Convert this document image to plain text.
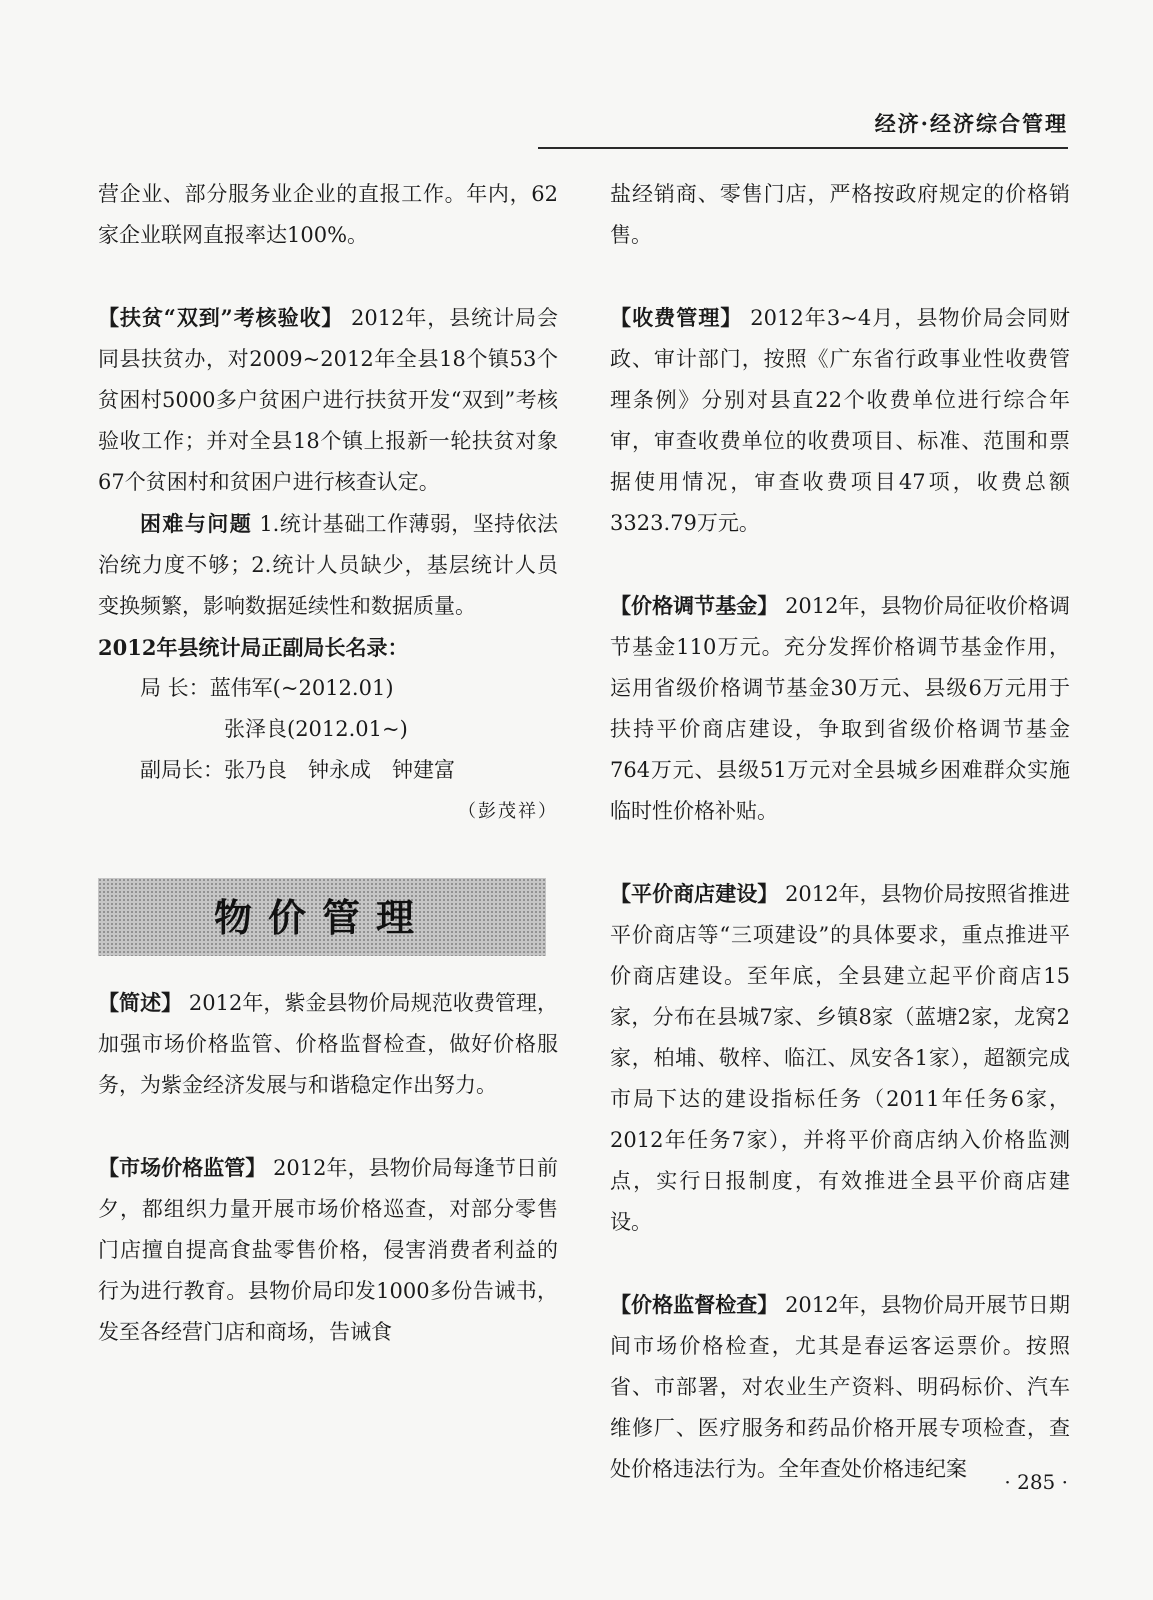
经济·经济综合管理

营企业、部分服务业企业的直报工作。年内，62家企业联网直报率达100%。

【扶贫“双到”考核验收】 2012年，县统计局会同县扶贫办，对2009~2012年全县18个镇53个贫困村5000多户贫困户进行扶贫开发“双到”考核验收工作；并对全县18个镇上报新一轮扶贫对象67个贫困村和贫困户进行核查认定。

困难与问题 1.统计基础工作薄弱，坚持依法治统力度不够；2.统计人员缺少，基层统计人员变换频繁，影响数据延续性和数据质量。

2012年县统计局正副局长名录：

局 长：蓝伟军(~2012.01)
张泽良(2012.01~)
副局长：张乃良　钟永成　钟建富
（彭茂祥）
物价管理

【简述】 2012年，紫金县物价局规范收费管理，加强市场价格监管、价格监督检查，做好价格服务，为紫金经济发展与和谐稳定作出努力。

【市场价格监管】 2012年，县物价局每逢节日前夕，都组织力量开展市场价格巡查，对部分零售门店擅自提高食盐零售价格，侵害消费者利益的行为进行教育。县物价局印发1000多份告诫书，发至各经营门店和商场，告诫食

盐经销商、零售门店，严格按政府规定的价格销售。

【收费管理】 2012年3~4月，县物价局会同财政、审计部门，按照《广东省行政事业性收费管理条例》分别对县直22个收费单位进行综合年审，审查收费单位的收费项目、标准、范围和票据使用情况，审查收费项目47项，收费总额3323.79万元。

【价格调节基金】 2012年，县物价局征收价格调节基金110万元。充分发挥价格调节基金作用，运用省级价格调节基金30万元、县级6万元用于扶持平价商店建设，争取到省级价格调节基金764万元、县级51万元对全县城乡困难群众实施临时性价格补贴。

【平价商店建设】 2012年，县物价局按照省推进平价商店等“三项建设”的具体要求，重点推进平价商店建设。至年底，全县建立起平价商店15家，分布在县城7家、乡镇8家（蓝塘2家，龙窝2家，柏埔、敬梓、临江、凤安各1家），超额完成市局下达的建设指标任务（2011年任务6家，2012年任务7家），并将平价商店纳入价格监测点，实行日报制度，有效推进全县平价商店建设。

【价格监督检查】 2012年，县物价局开展节日期间市场价格检查，尤其是春运客运票价。按照省、市部署，对农业生产资料、明码标价、汽车维修厂、医疗服务和药品价格开展专项检查，查处价格违法行为。全年查处价格违纪案

· 285 ·
